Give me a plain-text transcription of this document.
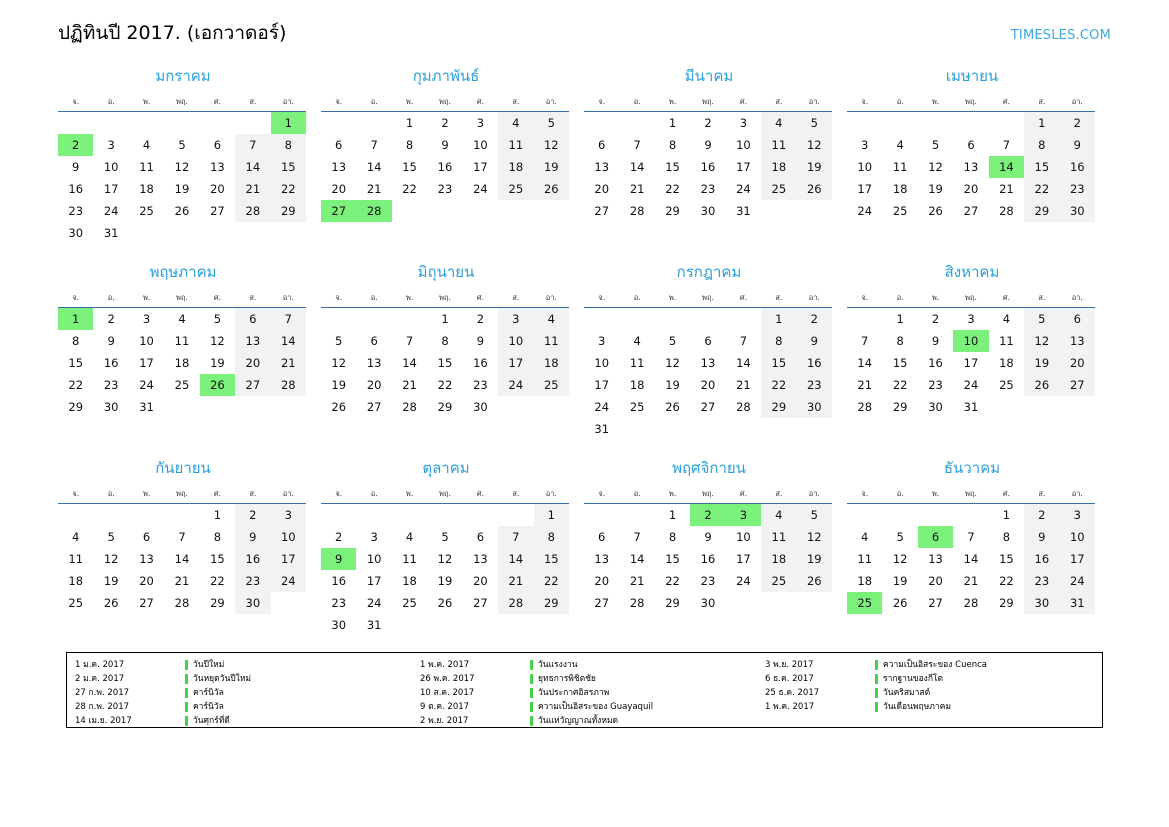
ปฏิทินปี 2017. (เอกวาดอร์)	TIMESLES.COM
มกราคม
จ.	อ.	พ.	พฤ.	ศ.	ส.	อา.

						1

2	3	4	5	6	7	8

9	10	11	12	13	14	15

16	17	18	19	20	21	22

23	24	25	26	27	28	29

30	31					

กุมภาพันธ์
จ.	อ.	พ.	พฤ.	ศ.	ส.	อา.

		1	2	3	4	5

6	7	8	9	10	11	12

13	14	15	16	17	18	19

20	21	22	23	24	25	26

27	28					

มีนาคม
จ.	อ.	พ.	พฤ.	ศ.	ส.	อา.

		1	2	3	4	5

6	7	8	9	10	11	12

13	14	15	16	17	18	19

20	21	22	23	24	25	26

27	28	29	30	31		

เมษายน
จ.	อ.	พ.	พฤ.	ศ.	ส.	อา.

					1	2

3	4	5	6	7	8	9

10	11	12	13	14	15	16

17	18	19	20	21	22	23

24	25	26	27	28	29	30
พฤษภาคม
จ.	อ.	พ.	พฤ.	ศ.	ส.	อา.

1	2	3	4	5	6	7

8	9	10	11	12	13	14

15	16	17	18	19	20	21

22	23	24	25	26	27	28

29	30	31				

มิถุนายน
จ.	อ.	พ.	พฤ.	ศ.	ส.	อา.

			1	2	3	4

5	6	7	8	9	10	11

12	13	14	15	16	17	18

19	20	21	22	23	24	25

26	27	28	29	30		

กรกฎาคม
จ.	อ.	พ.	พฤ.	ศ.	ส.	อา.

					1	2

3	4	5	6	7	8	9

10	11	12	13	14	15	16

17	18	19	20	21	22	23

24	25	26	27	28	29	30

31						

สิงหาคม
จ.	อ.	พ.	พฤ.	ศ.	ส.	อา.

	1	2	3	4	5	6

7	8	9	10	11	12	13

14	15	16	17	18	19	20

21	22	23	24	25	26	27

28	29	30	31			

กันยายน
จ.	อ.	พ.	พฤ.	ศ.	ส.	อา.

				1	2	3

4	5	6	7	8	9	10

11	12	13	14	15	16	17

18	19	20	21	22	23	24

25	26	27	28	29	30	

ตุลาคม
จ.	อ.	พ.	พฤ.	ศ.	ส.	อา.

						1

2	3	4	5	6	7	8

9	10	11	12	13	14	15

16	17	18	19	20	21	22

23	24	25	26	27	28	29

30	31					

พฤศจิกายน
จ.	อ.	พ.	พฤ.	ศ.	ส.	อา.

		1	2	3	4	5

6	7	8	9	10	11	12

13	14	15	16	17	18	19

20	21	22	23	24	25	26

27	28	29	30			

ธันวาคม
จ.	อ.	พ.	พฤ.	ศ.	ส.	อา.

				1	2	3

4	5	6	7	8	9	10

11	12	13	14	15	16	17

18	19	20	21	22	23	24

25	26	27	28	29	30	31
1 ม.ค. 2017	วันปีใหม่
2 ม.ค. 2017	วันหยุดวันปีใหม่
27 ก.พ. 2017	คาร์นิวัล
28 ก.พ. 2017	คาร์นิวัล
14 เม.ย. 2017	วันศุกร์ที่ดี
1 พ.ค. 2017	วันแรงงาน
26 พ.ค. 2017	ยุทธการพิชิตชัย
10 ส.ค. 2017	วันประกาศอิสรภาพ
9 ต.ค. 2017	ความเป็นอิสระของ Guayaquil
2 พ.ย. 2017	วันแห่วัญญาณทั้งหมด
3 พ.ย. 2017	ความเป็นอิสระของ Cuenca
6 ธ.ค. 2017	รากฐานของกีโต
25 ธ.ค. 2017	วันคริสมาสต์
1 พ.ค. 2017	วันเดือนพฤษภาคม
